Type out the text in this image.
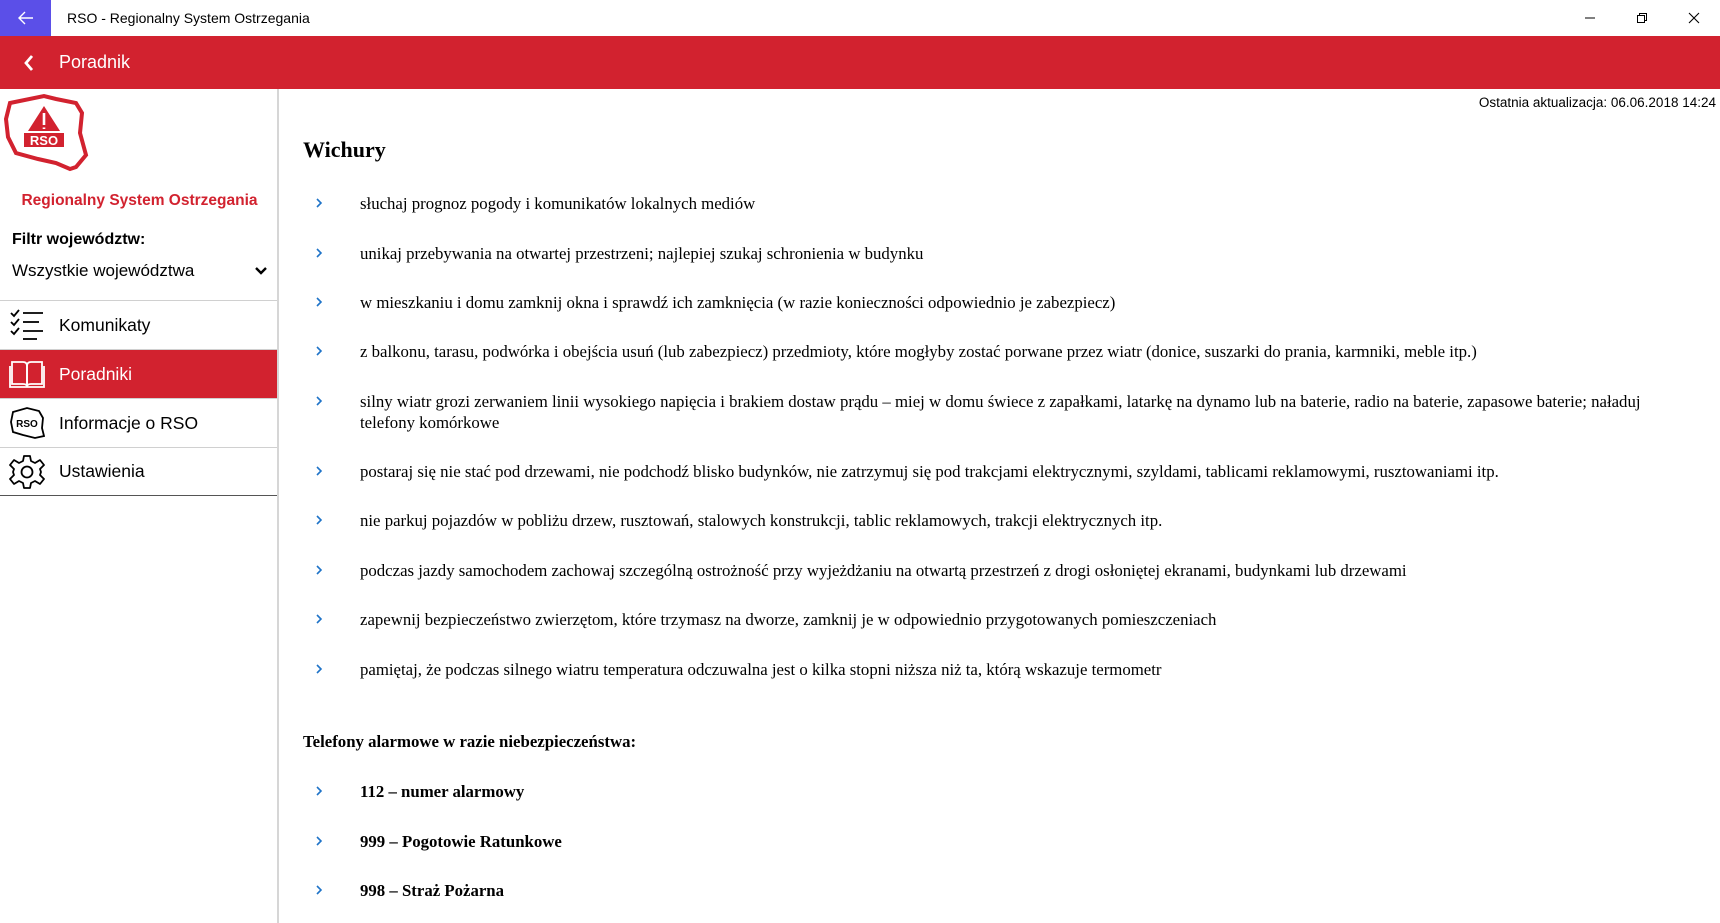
RSO - Regionalny System Ostrzegania
Poradnik
RSO
Regionalny System Ostrzegania
Filtr województw:
Wszystkie województwa
Komunikaty
Poradniki
RSO Informacje o RSO
Ustawienia
Ostatnia aktualizacja: 06.06.2018 14:24
Wichury
słuchaj prognoz pogody i komunikatów lokalnych mediów
unikaj przebywania na otwartej przestrzeni; najlepiej szukaj schronienia w budynku
w mieszkaniu i domu zamknij okna i sprawdź ich zamknięcia (w razie konieczności odpowiednio je zabezpiecz)
z balkonu, tarasu, podwórka i obejścia usuń (lub zabezpiecz) przedmioty, które mogłyby zostać porwane przez wiatr (donice, suszarki do prania, karmniki, meble itp.)
silny wiatr grozi zerwaniem linii wysokiego napięcia i brakiem dostaw prądu – miej w domu świece z zapałkami, latarkę na dynamo lub na baterie, radio na baterie, zapasowe baterie; naładuj telefony komórkowe
postaraj się nie stać pod drzewami, nie podchodź blisko budynków, nie zatrzymuj się pod trakcjami elektrycznymi, szyldami, tablicami reklamowymi, rusztowaniami itp.
nie parkuj pojazdów w pobliżu drzew, rusztowań, stalowych konstrukcji, tablic reklamowych, trakcji elektrycznych itp.
podczas jazdy samochodem zachowaj szczególną ostrożność przy wyjeżdżaniu na otwartą przestrzeń z drogi osłoniętej ekranami, budynkami lub drzewami
zapewnij bezpieczeństwo zwierzętom, które trzymasz na dworze, zamknij je w odpowiednio przygotowanych pomieszczeniach
pamiętaj, że podczas silnego wiatru temperatura odczuwalna jest o kilka stopni niższa niż ta, którą wskazuje termometr
112 – numer alarmowy
999 – Pogotowie Ratunkowe
998 – Straż Pożarna
Telefony alarmowe w razie niebezpieczeństwa:
